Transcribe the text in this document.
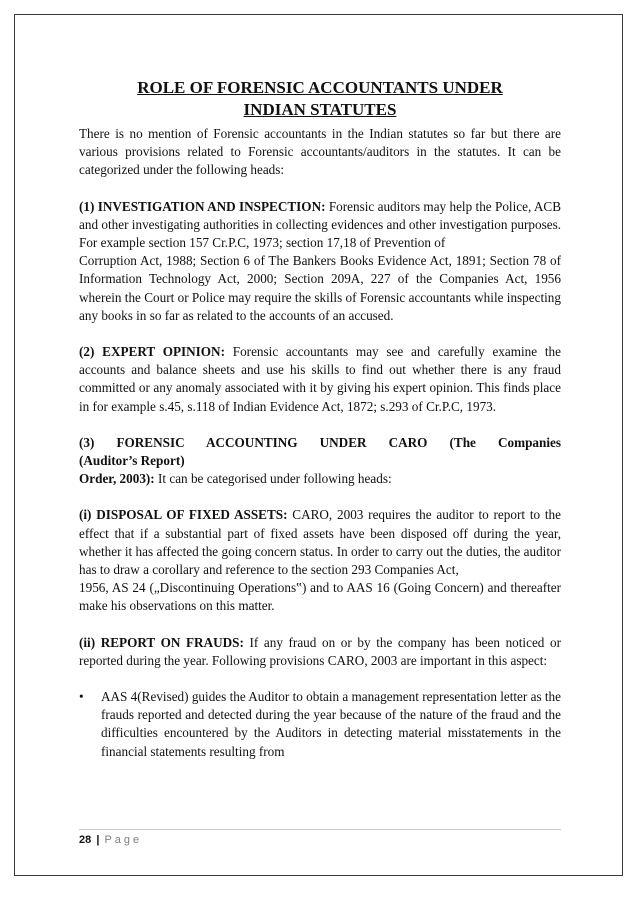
ROLE OF FORENSIC ACCOUNTANTS UNDER
INDIAN STATUTES

There is no mention of Forensic accountants in the Indian statutes so far but there are various provisions related to Forensic accountants/auditors in the statutes. It can be categorized under the following heads:

(1) INVESTIGATION AND INSPECTION: Forensic auditors may help the Police, ACB and other investigating authorities in collecting evidences and other investigation purposes. For example section 157 Cr.P.C, 1973; section 17,18 of Prevention of

Corruption Act, 1988; Section 6 of The Bankers Books Evidence Act, 1891; Section 78 of Information Technology Act, 2000; Section 209A, 227 of the Companies Act, 1956 wherein the Court or Police may require the skills of Forensic accountants while inspecting any books in so far as related to the accounts of an accused.

(2) EXPERT OPINION: Forensic accountants may see and carefully examine the accounts and balance sheets and use his skills to find out whether there is any fraud committed or any anomaly associated with it by giving his expert opinion. This finds place in for example s.45, s.118 of Indian Evidence Act, 1872; s.293 of Cr.P.C, 1973.

(3) FORENSIC ACCOUNTING UNDER CARO (The Companies

(Auditor’s Report)

Order, 2003): It can be categorised under following heads:

(i) DISPOSAL OF FIXED ASSETS: CARO, 2003 requires the auditor to report to the effect that if a substantial part of fixed assets have been disposed off during the year, whether it has affected the going concern status. In order to carry out the duties, the auditor has to draw a corollary and reference to the section 293 Companies Act,

1956, AS 24 („Discontinuing Operations‟) and to AAS 16 (Going Concern) and thereafter make his observations on this matter.

(ii) REPORT ON FRAUDS: If any fraud on or by the company has been noticed or reported during the year. Following provisions CARO, 2003 are important in this aspect:

• AAS 4(Revised) guides the Auditor to obtain a management representation letter as the frauds reported and detected during the year because of the nature of the fraud and the difficulties encountered by the Auditors in detecting material misstatements in the financial statements resulting from
28 | Page
